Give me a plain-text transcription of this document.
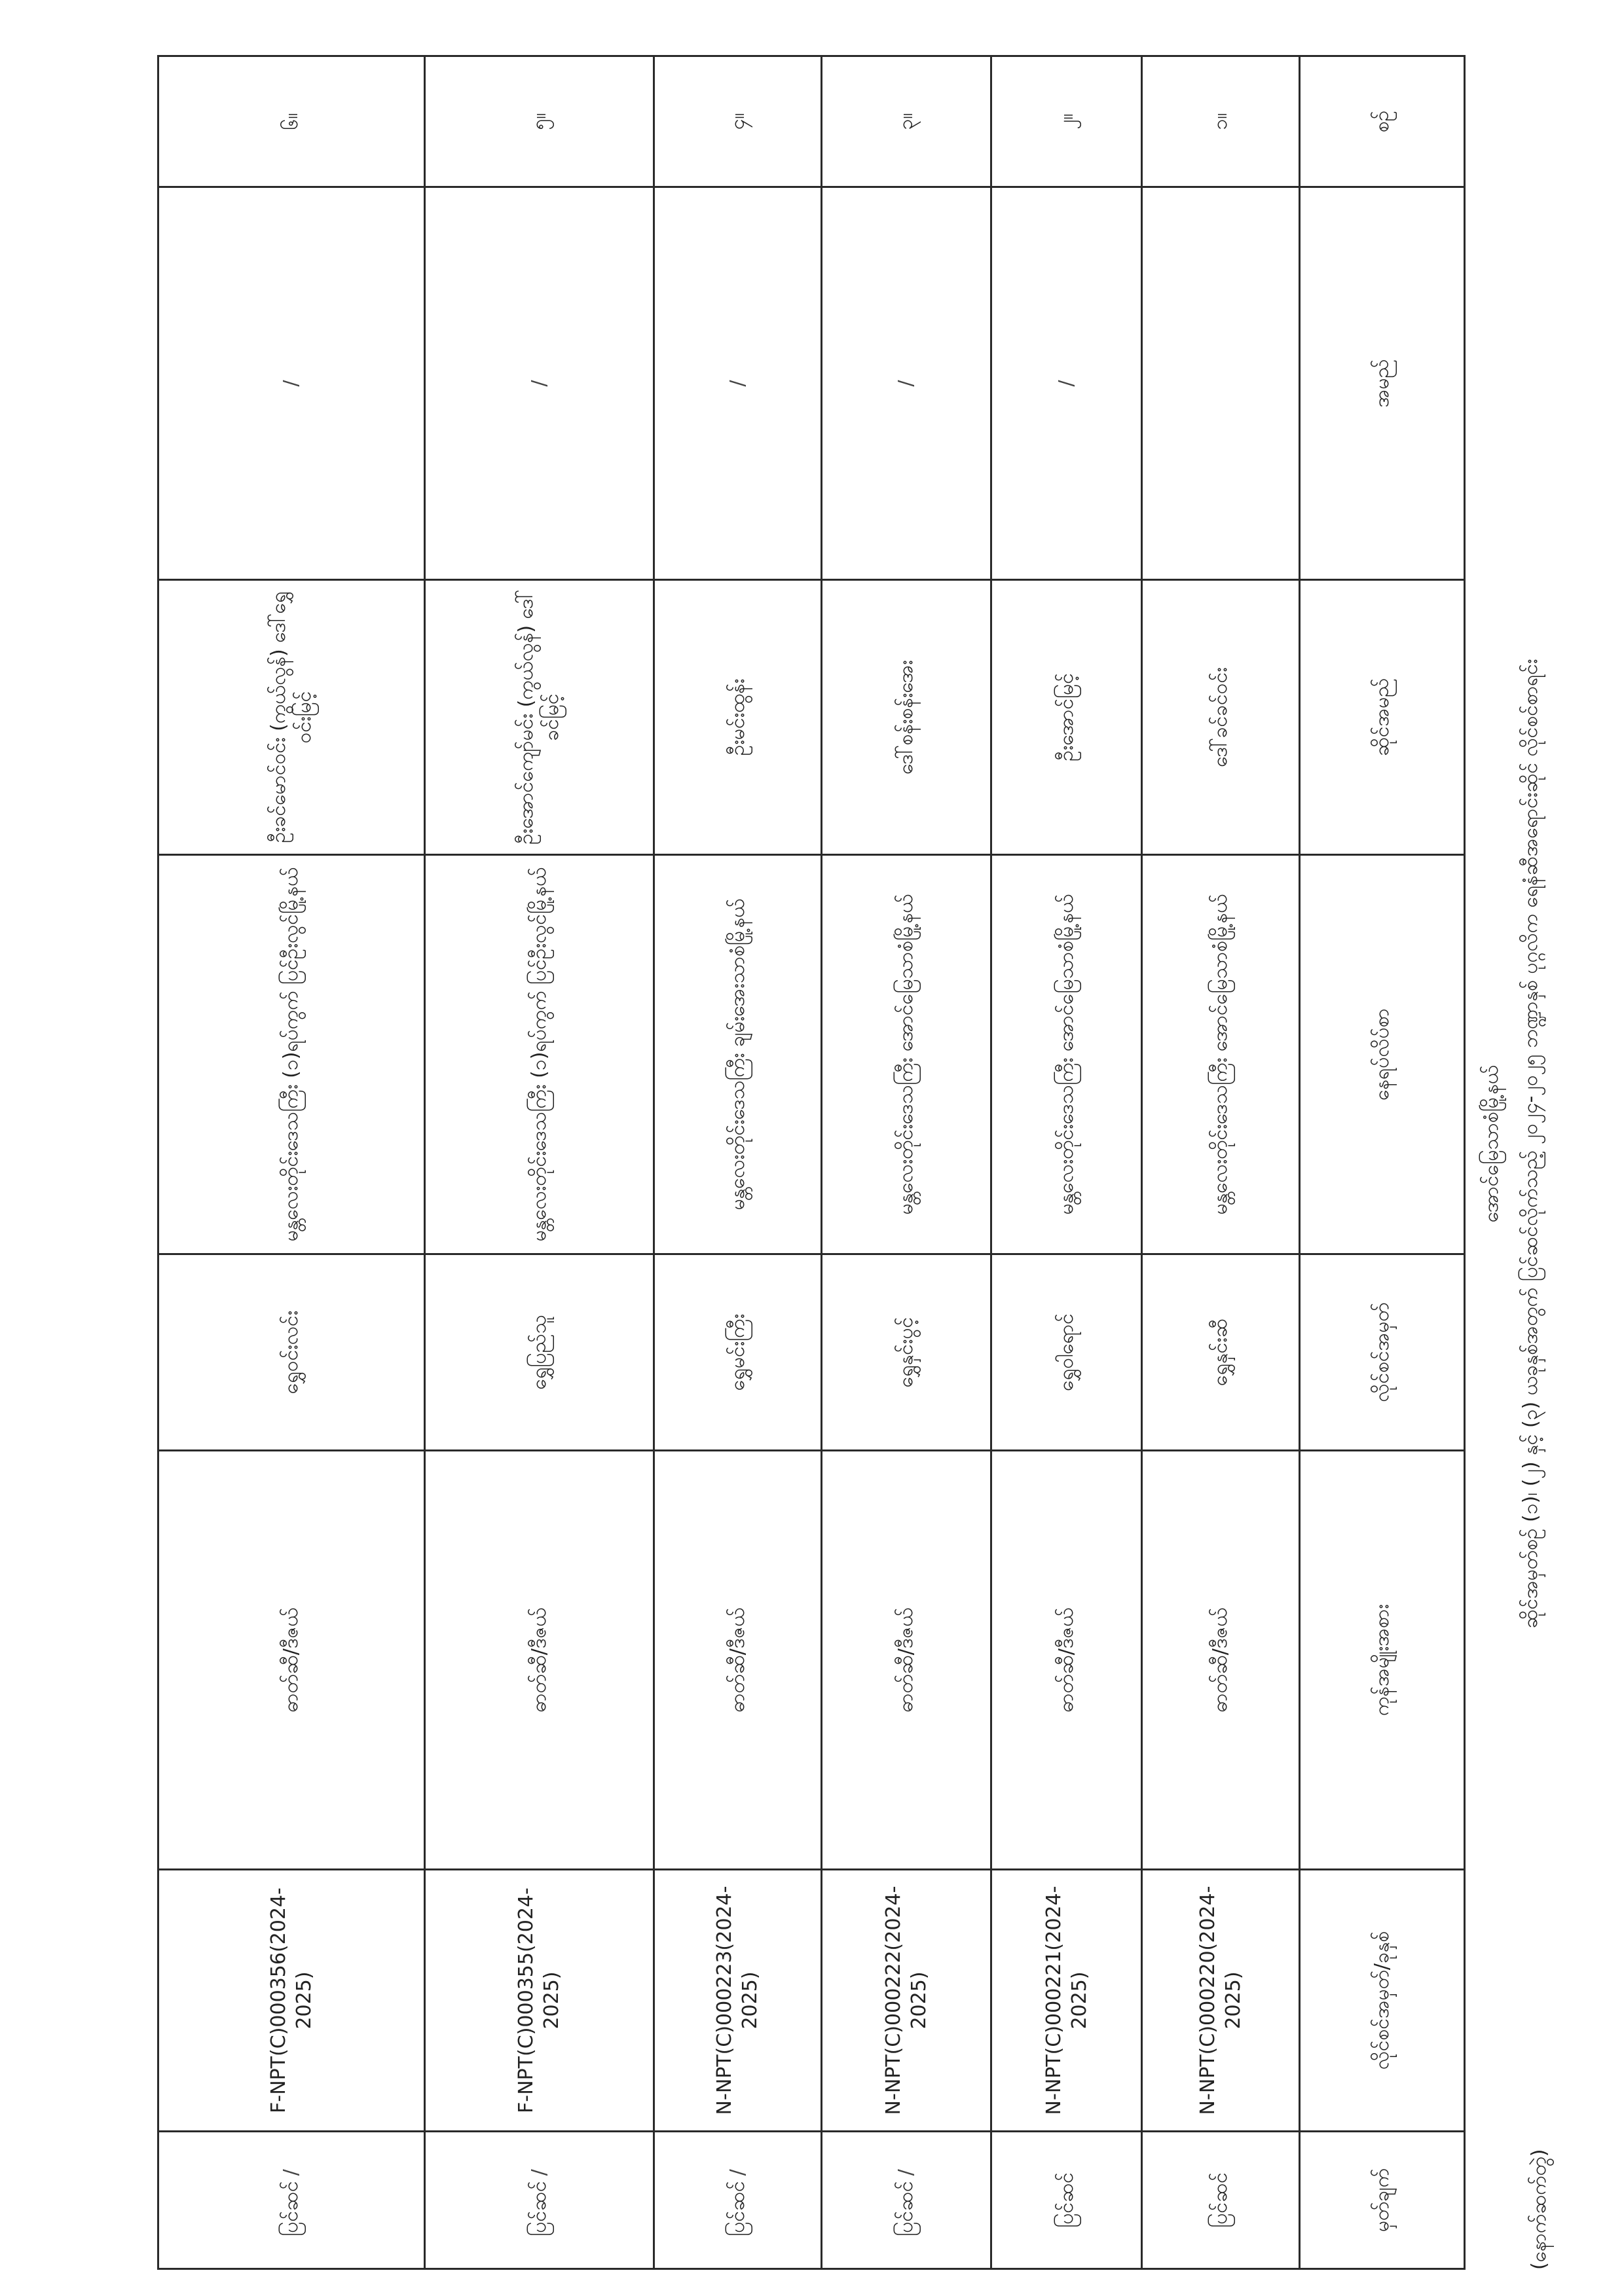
ဆိုင်အမှတ်စဉ် (၁)၊ (၂) နှင့် (၃) ယခုနှစ်အတွက် ပြင်ဆင်လိုက်သည့် ၂၀၂၄-၂၀၂၅ ဘဏ္ဍာနှစ် ပုဂ္ဂလိက ရေနံဆီအရောင်းဆိုင် လိုင်စင်စာရင်း
အောင်မြေသာစံမြို့နယ်
(နောက်ဆက်တွဲ)
ပြင်ဆင်/	F-NPT(C)000356(2024-2025)	ဓာတ်ဆီ/ဒီဇယ်	ရွှေဝင်းလင်း	မန္တလေးတိုင်းဒေသကြီး (၁)ရပ်ကွက် ပြင်ဦးလွင်မြို့နယ်	ဦးခင်မောင်ဝင်း (ကွယ်လွန်) ဒေါ်ရွှေဝင်းမြင့်	/	၆။
ပြင်ဆင်/	F-NPT(C)000355(2024-2025)	ဓာတ်ဆီ/ဒီဇယ်	ရွှေပြည်သူ	မန္တလေးတိုင်းဒေသကြီး (၁)ရပ်ကွက် ပြင်ဦးလွင်မြို့နယ်	ဦးအောင်ကျော်မင်း (ကွယ်လွန်) ဒေါ်ခင်မြင့်	/	၅။
ပြင်ဆင်/	N-NPT(C)000223(2024-2025)	ဓာတ်ဆီ/ဒီဇယ်	ရွှေမင်းကြီး	မန္တလေးတိုင်းဒေသကြီး ချမ်းအေးသာစံမြို့နယ်	ဦးမင်းထွန်း	/	၄။
ပြင်ဆင်/	N-NPT(C)000222(2024-2025)	ဓာတ်ဆီ/ဒီဇယ်	ရွှေနှင်းပွင့်	မန္တလေးတိုင်းဒေသကြီး အောင်မြေသာစံမြို့နယ်	ဒေါ်စန်းစန်းအေး	/	၃။
ပြင်ဆင်	N-NPT(C)000221(2024-2025)	ဓာတ်ဆီ/ဒီဇယ်	ရွှေဝါရောင်	မန္တလေးတိုင်းဒေသကြီး အောင်မြေသာစံမြို့နယ်	ဦးအောင်မြင့်	/	၂။
ပြင်ဆင်	N-NPT(C)000220(2024-2025)	ဓာတ်ဆီ/ဒီဇယ်	ရွှေနှင်းဆီ	မန္တလေးတိုင်းဒေသကြီး အောင်မြေသာစံမြို့နယ်	ဒေါ်ခင်ခင်ဝင်း		၁။
မှတ်ချက်	လိုင်စင်အမှတ်/ခုနှစ်	ကုန်အမျိုးအစား	လိုင်စင်အမှတ်	နေရပ်လိပ်စာ	ဆိုင်အမည်	အမည်	စဉ်
